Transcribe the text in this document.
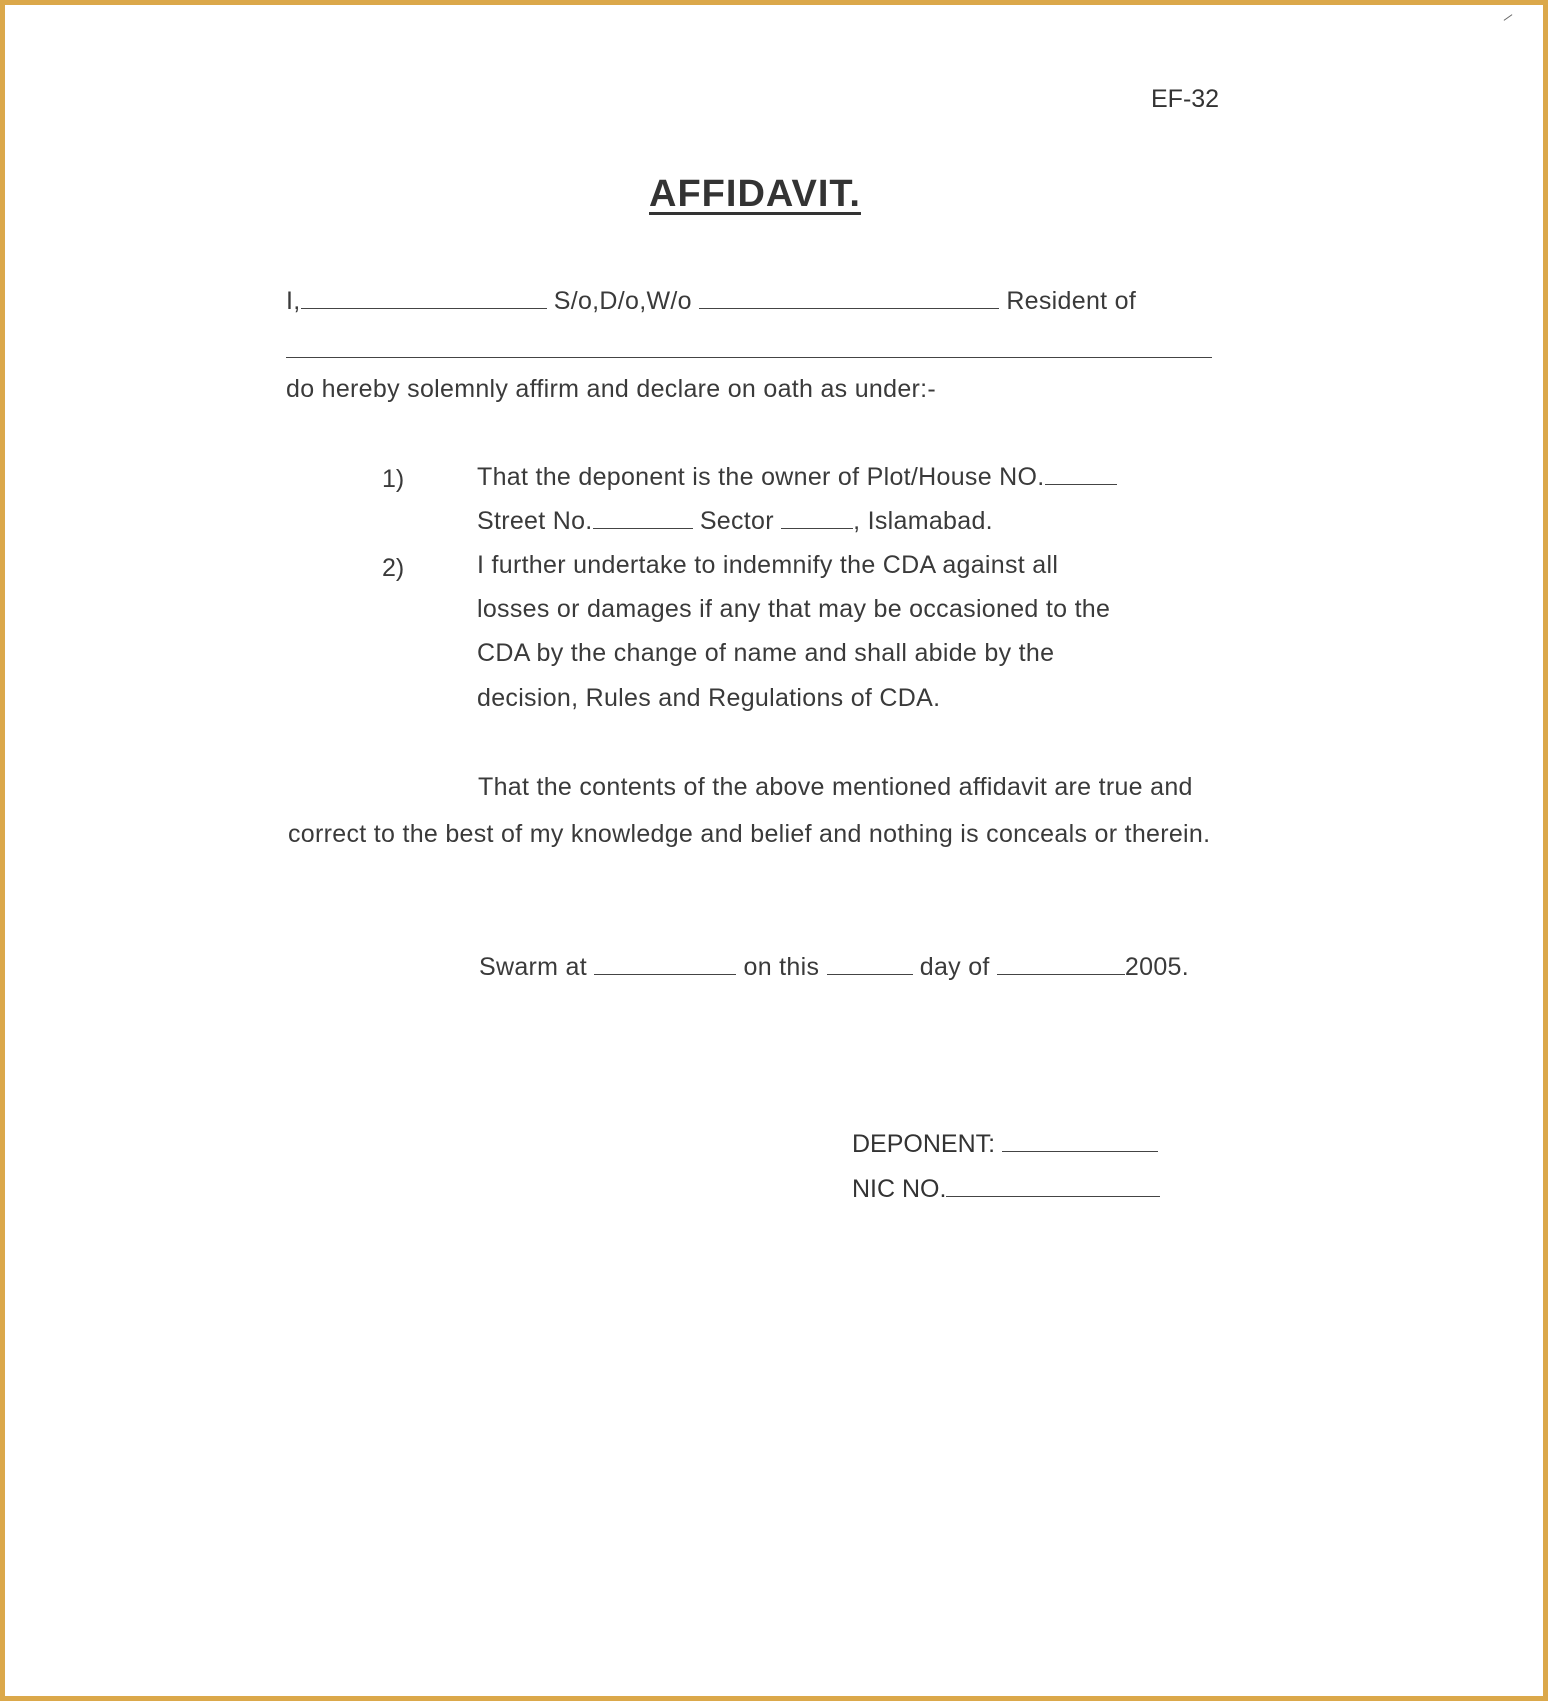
EF-32
AFFIDAVIT.
I,	S/o,D/o,W/o	Resident of
do hereby solemnly affirm and declare on oath as under:-
1)	That the deponent is the owner of Plot/House NO.
Street No.	Sector	, Islamabad.
2)	I further undertake to indemnify the CDA against all
losses or damages if any that may be occasioned to the
CDA by the change of name and shall abide by the
decision, Rules and Regulations of CDA.
That the contents of the above mentioned affidavit are true and
correct to the best of my knowledge and belief and nothing is conceals or therein.
Swarm at	on this	day of	2005.
DEPONENT:
NIC NO.
